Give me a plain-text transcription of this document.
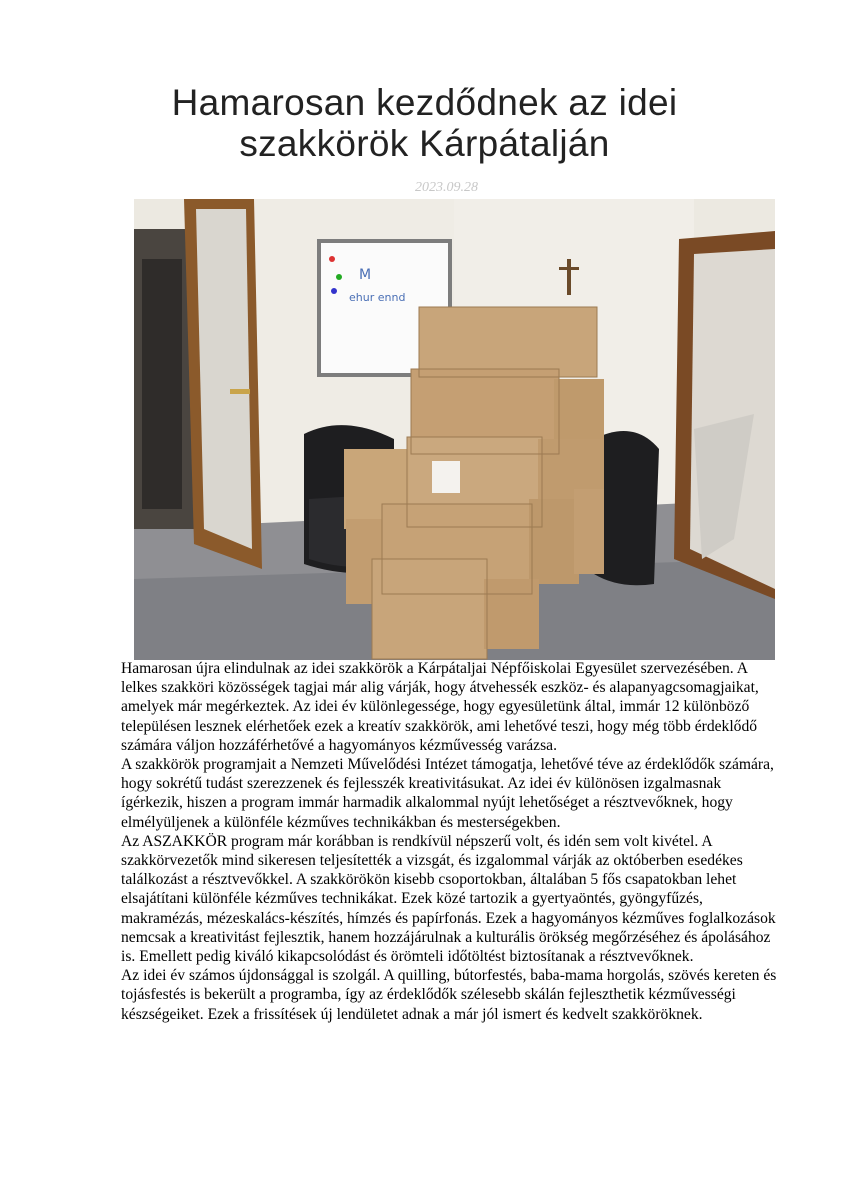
Hamarosan kezdődnek az idei
szakkörök Kárpátalján
2023.09.28
M
ehur ennd

Hamarosan újra elindulnak az idei szakkörök a Kárpátaljai Népfőiskolai Egyesület szervezésében. A lelkes szakköri közösségek tagjai már alig várják, hogy átvehessék eszköz- és alapanyagcsomagjaikat, amelyek már megérkeztek. Az idei év különlegessége, hogy egyesületünk által, immár 12 különböző településen lesznek elérhetőek ezek a kreatív szakkörök, ami lehetővé teszi, hogy még több érdeklődő számára váljon hozzáférhetővé a hagyományos kézművesség varázsa.

A szakkörök programjait a Nemzeti Művelődési Intézet támogatja, lehetővé téve az érdeklődők számára, hogy sokrétű tudást szerezzenek és fejlesszék kreativitásukat. Az idei év különösen izgalmasnak ígérkezik, hiszen a program immár harmadik alkalommal nyújt lehetőséget a résztvevőknek, hogy elmélyüljenek a különféle kézműves technikákban és mesterségekben.

Az ASZAKKÖR program már korábban is rendkívül népszerű volt, és idén sem volt kivétel. A szakkörvezetők mind sikeresen teljesítették a vizsgát, és izgalommal várják az októberben esedékes találkozást a résztvevőkkel. A szakkörökön kisebb csoportokban, általában 5 fős csapatokban lehet elsajátítani különféle kézműves technikákat. Ezek közé tartozik a gyertyaöntés, gyöngyfűzés, makramézás, mézeskalács-készítés, hímzés és papírfonás. Ezek a hagyományos kézműves foglalkozások nemcsak a kreativitást fejlesztik, hanem hozzájárulnak a kulturális örökség megőrzéséhez és ápolásához is. Emellett pedig kiváló kikapcsolódást és örömteli időtöltést biztosítanak a résztvevőknek.

Az idei év számos újdonsággal is szolgál. A quilling, bútorfestés, baba-mama horgolás, szövés kereten és tojásfestés is bekerült a programba, így az érdeklődők szélesebb skálán fejleszthetik kézművességi készségeiket. Ezek a frissítések új lendületet adnak a már jól ismert és kedvelt szakköröknek.
